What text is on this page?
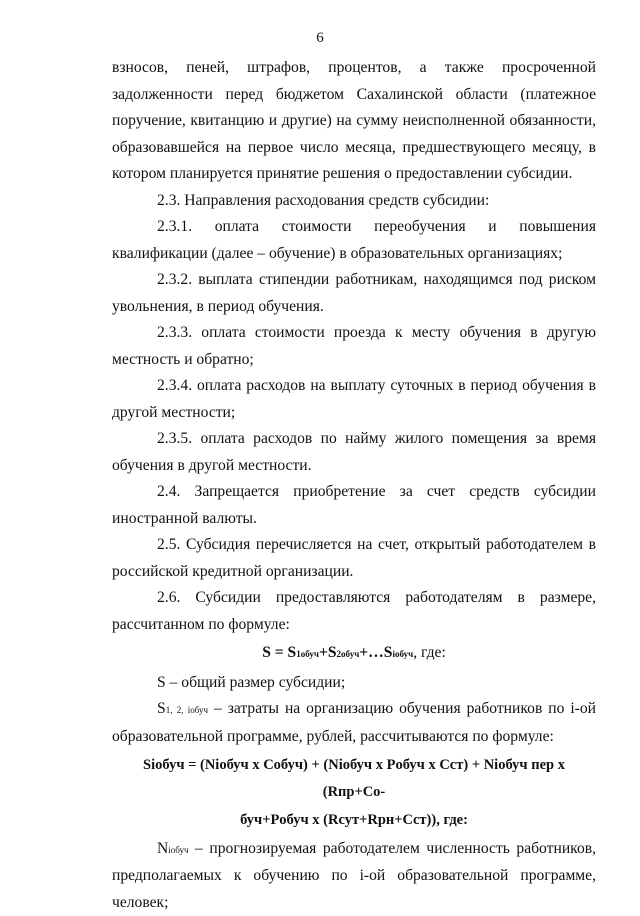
6

взносов, пеней, штрафов, процентов, а также просроченной задолженности перед бюджетом Сахалинской области (платежное поручение, квитанцию и другие) на сумму неисполненной обязанности, образовавшейся на первое число месяца, предшествующего месяцу, в котором планируется принятие решения о предоставлении субсидии.

2.3. Направления расходования средств субсидии:

2.3.1. оплата стоимости переобучения и повышения квалификации (далее – обучение) в образовательных организациях;

2.3.2. выплата стипендии работникам, находящимся под риском увольнения, в период обучения.

2.3.3. оплата стоимости проезда к месту обучения в другую местность и обратно;

2.3.4. оплата расходов на выплату суточных в период обучения в другой местности;

2.3.5. оплата расходов по найму жилого помещения за время обучения в другой местности.

2.4. Запрещается приобретение за счет средств субсидии иностранной валюты.

2.5. Субсидия перечисляется на счет, открытый работодателем в российской кредитной организации.

2.6. Субсидии предоставляются работодателям в размере, рассчитанном по формуле:

S = S1обуч+S2обуч+…Siобуч, где:

S – общий размер субсидии;

S1, 2, iобуч – затраты на организацию обучения работников по i-ой образовательной программе, рублей, рассчитываются по формуле:

Siобуч = (Niобуч x Cобуч) + (Niобуч x Pобуч x Cст) + Niобуч пер x (Rпр+Cо-

буч+Pобуч x (Rсут+Rрн+Cст)), где:

Niобуч – прогнозируемая работодателем численность работников, предполагаемых к обучению по i-ой образовательной программе, человек;
